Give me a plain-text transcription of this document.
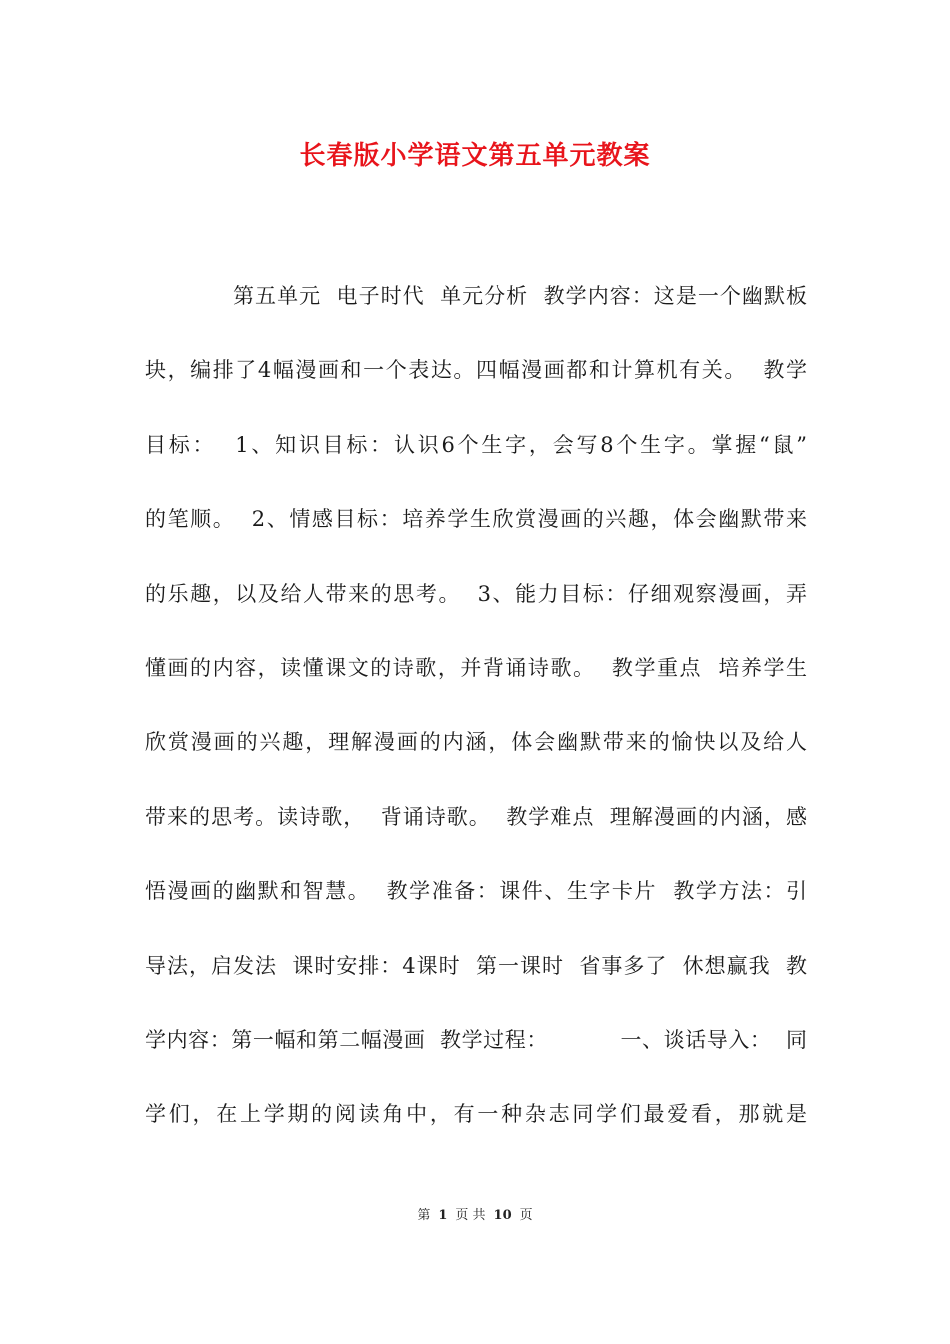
长春版小学语文第五单元教案
第五单元  电子时代  单元分析  教学内容：这是一个幽默板
块，编排了4幅漫画和一个表达。四幅漫画都和计算机有关。  教学
目标：  1、知识目标：认识6个生字，会写8个生字。掌握“鼠”
的笔顺。  2、情感目标：培养学生欣赏漫画的兴趣，体会幽默带来
的乐趣，以及给人带来的思考。  3、能力目标：仔细观察漫画，弄
懂画的内容，读懂课文的诗歌，并背诵诗歌。  教学重点  培养学生
欣赏漫画的兴趣，理解漫画的内涵，体会幽默带来的愉快以及给人
带来的思考。读诗歌，  背诵诗歌。  教学难点  理解漫画的内涵，感
悟漫画的幽默和智慧。  教学准备：课件、生字卡片  教学方法：引
导法，启发法  课时安排：4课时  第一课时  省事多了  休想赢我  教
学内容：第一幅和第二幅漫画  教学过程：          一、谈话导入：  同
学们，在上学期的阅读角中，有一种杂志同学们最爱看，那就是
第 1 页 共 10 页
